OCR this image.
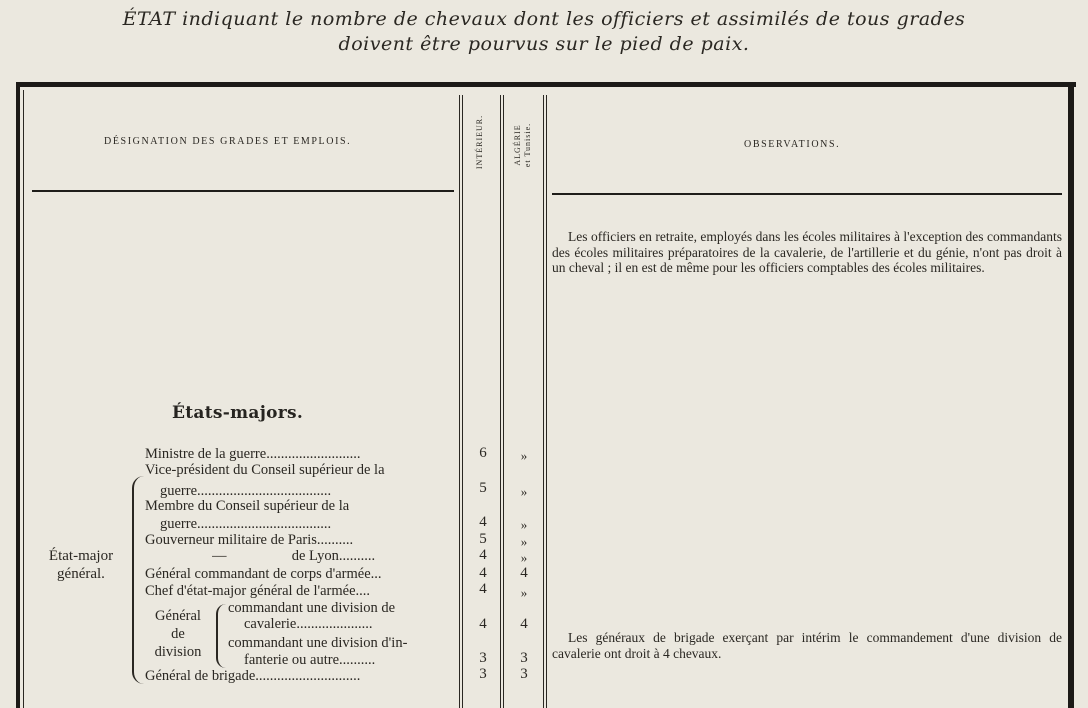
ÉTAT indiquant le nombre de chevaux dont les officiers et assimilés de tous grades
doivent être pourvus sur le pied de paix.
DÉSIGNATION DES GRADES ET EMPLOIS.	INTÉRIEUR.	ALGÉRIE et Tunisie.	OBSERVATIONS.
Les officiers en retraite, employés dans les écoles militaires à l'exception des commandants des écoles militaires préparatoires de la cavalerie, de l'artillerie et du génie, n'ont pas droit à un cheval ; il en est de même pour les officiers comptables des écoles militaires.
Les généraux de brigade exerçant par intérim le commandement d'une division de cavalerie ont droit à 4 chevaux.
États-majors.
État-major
général.
Général
de
division
Ministre de la guerre..........................	6	»
Vice-président du Conseil supérieur de la
guerre.....................................	5	»
Membre du Conseil supérieur de la
guerre.....................................	4	»
Gouverneur militaire de Paris..........	5	»
—                  de Lyon..........	4	»
Général commandant de corps d'armée...	4	4
Chef d'état-major général de l'armée....	4	»
commandant une division de
cavalerie.....................	4	4
commandant une division d'in-
fanterie ou autre..........	3	3
Général de brigade.............................	3	3
